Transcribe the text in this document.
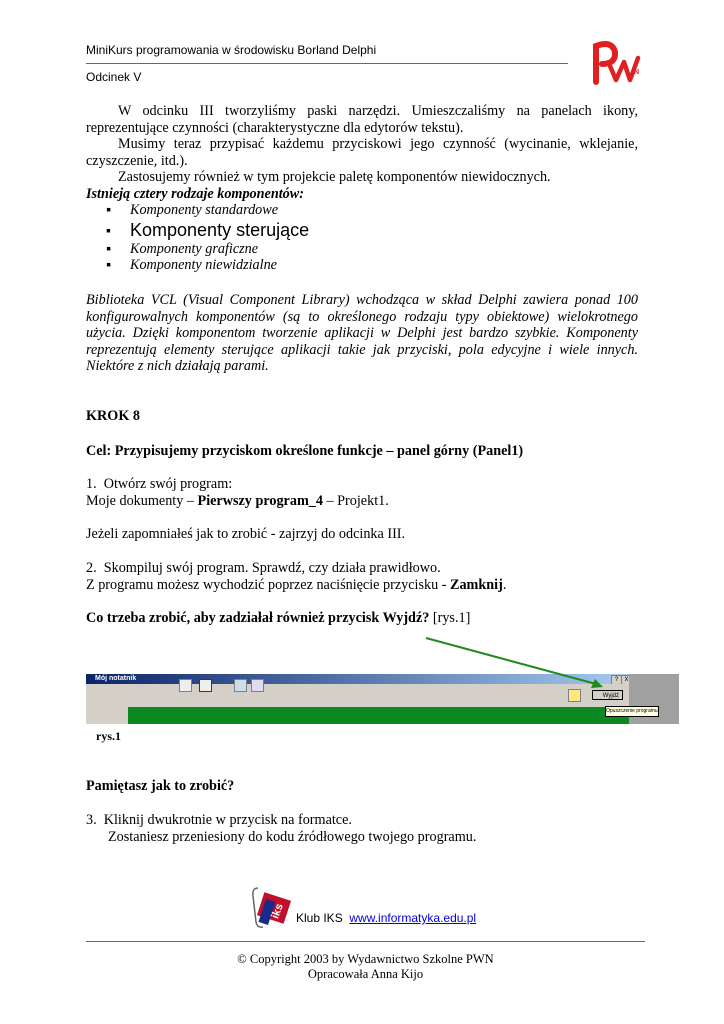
MiniKurs programowania w środowisku Borland Delphi
Odcinek V	N
W odcinku III tworzyliśmy paski narzędzi. Umieszczaliśmy na panelach ikony, reprezentujące czynności (charakterystyczne dla edytorów tekstu).
Musimy teraz przypisać każdemu przyciskowi jego czynność (wycinanie, wklejanie, czyszczenie, itd.).
Zastosujemy również w tym projekcie paletę komponentów niewidocznych.
Istnieją cztery rodzaje komponentów:
▪ Komponenty standardowe
▪ Komponenty sterujące
▪ Komponenty graficzne
▪ Komponenty niewidzialne
Biblioteka VCL (Visual Component Library) wchodząca w skład Delphi zawiera ponad 100 konfigurowalnych komponentów (są to określonego rodzaju typy obiektowe) wielokrotnego użycia. Dzięki komponentom tworzenie aplikacji w Delphi jest bardzo szybkie. Komponenty reprezentują elementy sterujące aplikacji takie jak przyciski, pola edycyjne i wiele innych. Niektóre z nich działają parami.
KROK 8
Cel: Przypisujemy przyciskom określone funkcje – panel górny (Panel1)
1. Otwórz swój program:
Moje dokumenty – Pierwszy program_4 – Projekt1.
Jeżeli zapomniałeś jak to zrobić - zajrzyj do odcinka III.
2. Skompiluj swój program. Sprawdź, czy działa prawidłowo.
Z programu możesz wychodzić poprzez naciśnięcie przycisku - Zamknij.
Co trzeba zrobić, aby zadziałał również przycisk Wyjdź? [rys.1]
Mój notatnik	?	X
Wyjdź
Opuszczenie programu
rys.1
Pamiętasz jak to zrobić?
3. Kliknij dwukrotnie w przycisk na formatce.
Zostaniesz przeniesiony do kodu źródłowego twojego programu.
iks Klub IKS www.informatyka.edu.pl
© Copyright 2003 by Wydawnictwo Szkolne PWN
Opracowała Anna Kijo
